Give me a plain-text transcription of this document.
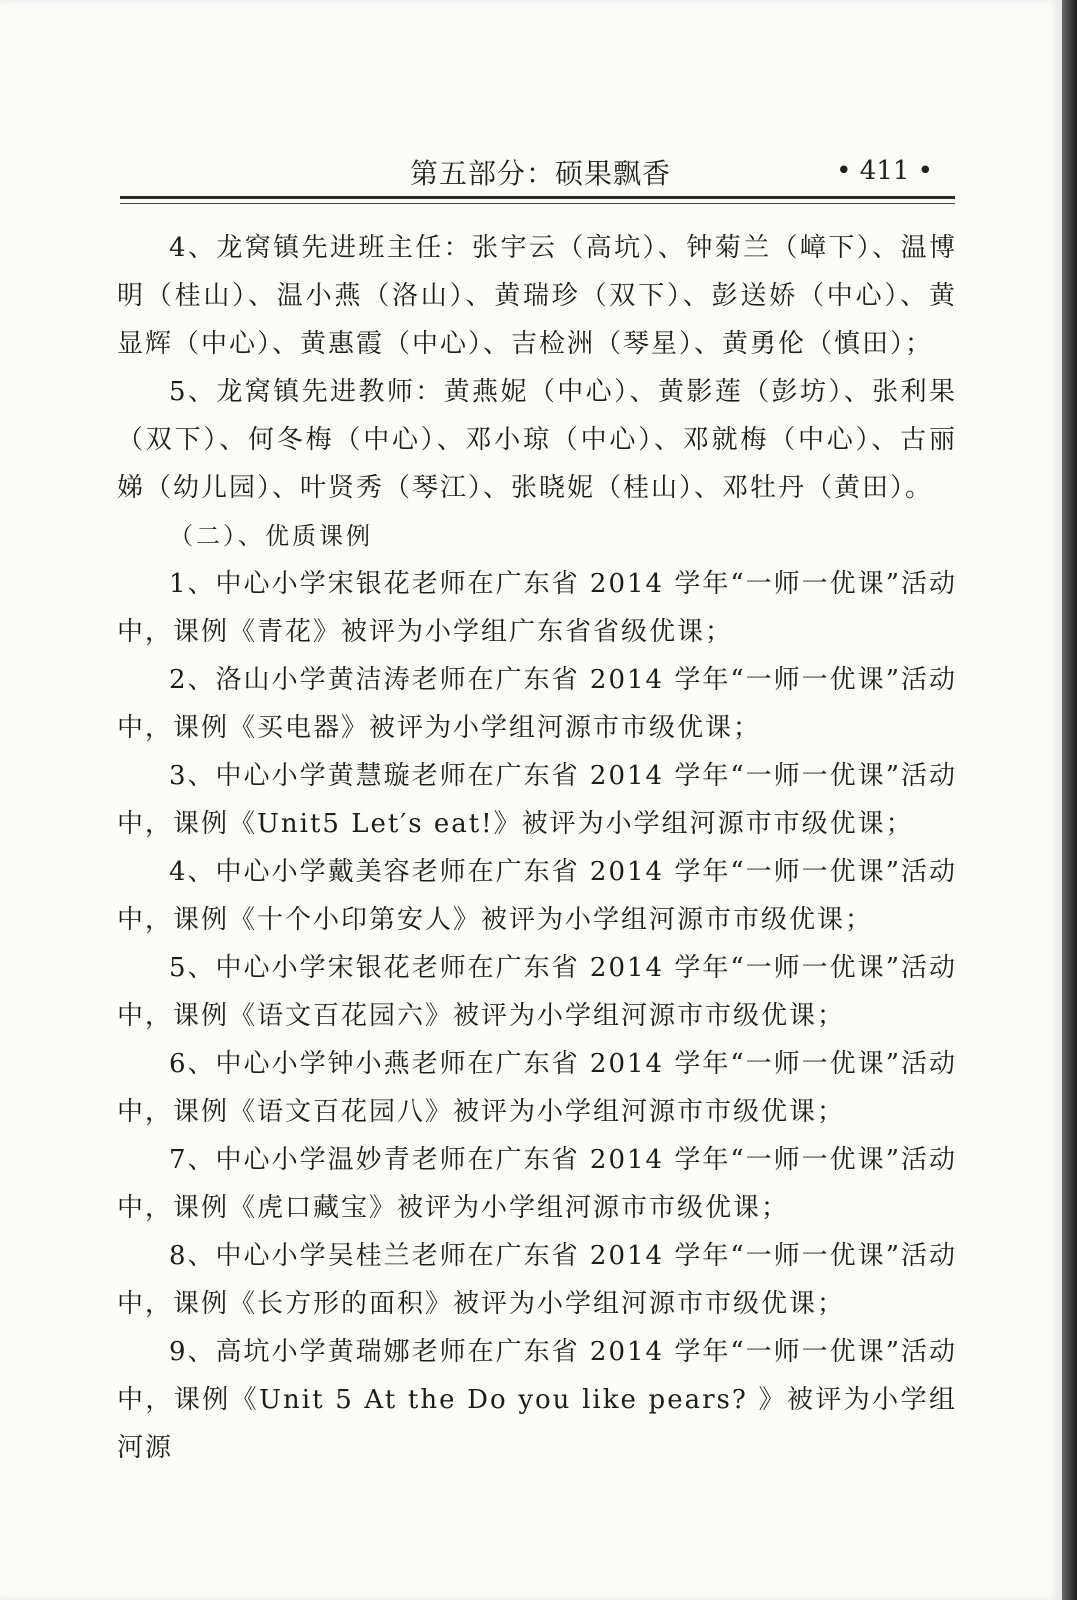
第五部分：硕果飘香	• 411 •

4、龙窝镇先进班主任：张宇云（高坑）、钟菊兰（嶂下）、温博明（桂山）、温小燕（洛山）、黄瑞珍（双下）、彭送娇（中心）、黄显辉（中心）、黄惠霞（中心）、吉检洲（琴星）、黄勇伦（慎田）；

5、龙窝镇先进教师：黄燕妮（中心）、黄影莲（彭坊）、张利果（双下）、何冬梅（中心）、邓小琼（中心）、邓就梅（中心）、古丽娣（幼儿园）、叶贤秀（琴江）、张晓妮（桂山）、邓牡丹（黄田）。

（二）、优质课例

1、中心小学宋银花老师在广东省 2014 学年“一师一优课”活动中，课例《青花》被评为小学组广东省省级优课；

2、洛山小学黄洁涛老师在广东省 2014 学年“一师一优课”活动中，课例《买电器》被评为小学组河源市市级优课；

3、中心小学黄慧璇老师在广东省 2014 学年“一师一优课”活动中，课例《Unit5 Let′s eat!》被评为小学组河源市市级优课；

4、中心小学戴美容老师在广东省 2014 学年“一师一优课”活动中，课例《十个小印第安人》被评为小学组河源市市级优课；

5、中心小学宋银花老师在广东省 2014 学年“一师一优课”活动中，课例《语文百花园六》被评为小学组河源市市级优课；

6、中心小学钟小燕老师在广东省 2014 学年“一师一优课”活动中，课例《语文百花园八》被评为小学组河源市市级优课；

7、中心小学温妙青老师在广东省 2014 学年“一师一优课”活动中，课例《虎口藏宝》被评为小学组河源市市级优课；

8、中心小学吴桂兰老师在广东省 2014 学年“一师一优课”活动中，课例《长方形的面积》被评为小学组河源市市级优课；

9、高坑小学黄瑞娜老师在广东省 2014 学年“一师一优课”活动中，课例《Unit 5 At the Do you like pears? 》被评为小学组河源
